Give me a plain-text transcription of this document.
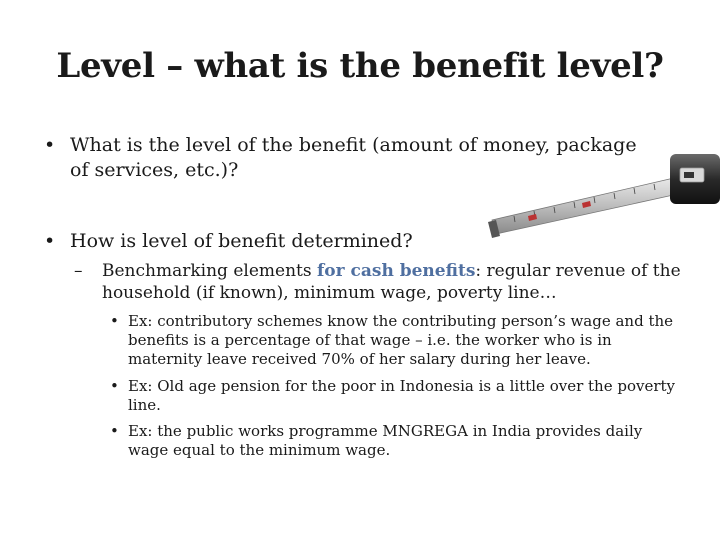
Level – what is the benefit level?
• What is the level of the benefit (amount of money, package of services, etc.)?
• How is level of benefit determined?
–	Benchmarking elements for cash benefits: regular revenue of the household (if known), minimum wage, poverty line…
• Ex: contributory schemes know the contributing person’s wage and the benefits is a percentage of that wage – i.e. the worker who is in maternity leave received 70% of her salary during her leave.
• Ex: Old age pension for the poor in Indonesia is a little over the poverty line.
• Ex: the public works programme MNGREGA in India provides daily wage equal to the minimum wage.
